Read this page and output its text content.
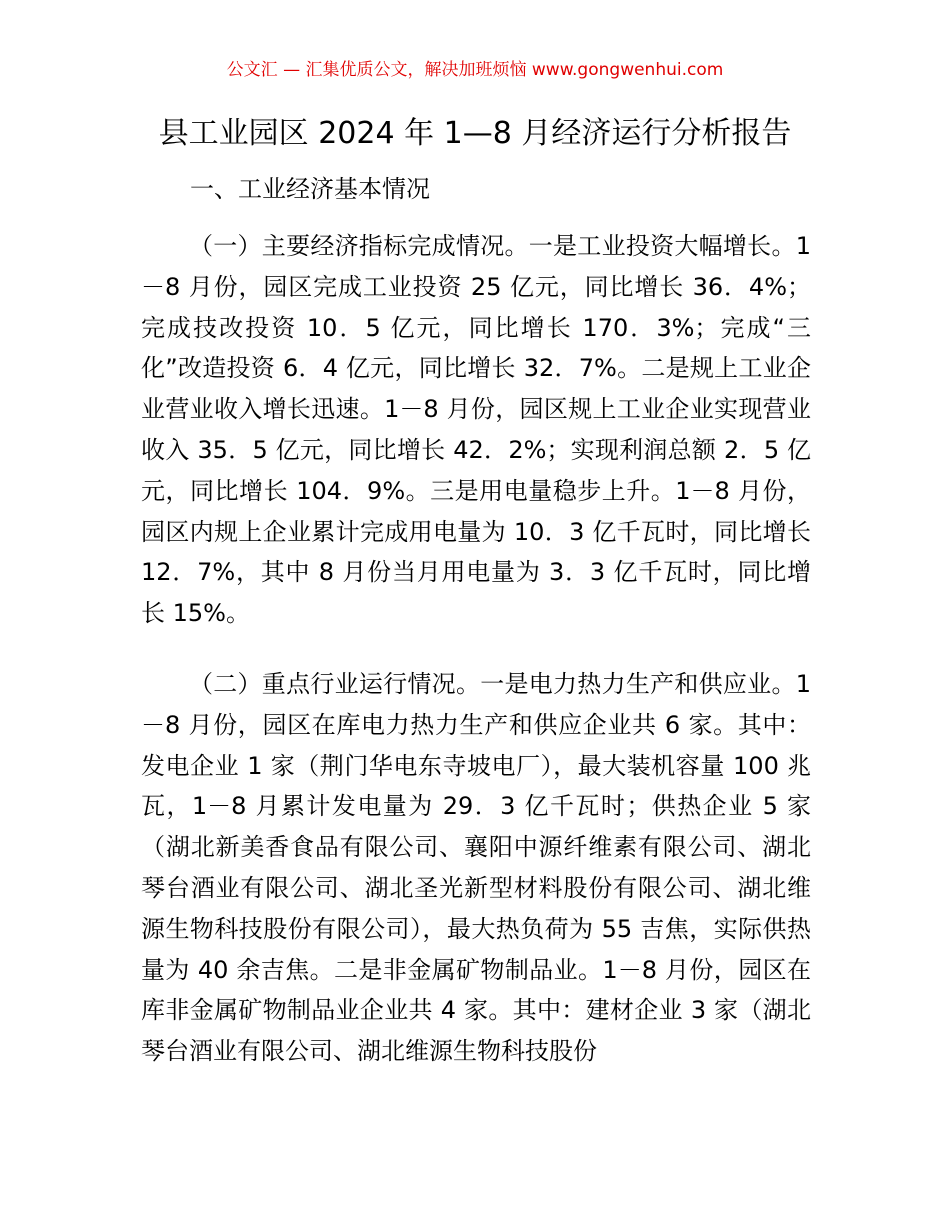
公文汇 — 汇集优质公文，解决加班烦恼 www.gongwenhui.com
县工业园区 2024 年 1—8 月经济运行分析报告
一、工业经济基本情况

（一）主要经济指标完成情况。一是工业投资大幅增长。1－8 月份，园区完成工业投资 25 亿元，同比增长 36．4%；完成技改投资 10．5 亿元，同比增长 170．3%；完成“三化”改造投资 6．4 亿元，同比增长 32．7%。二是规上工业企业营业收入增长迅速。1－8 月份，园区规上工业企业实现营业收入 35．5 亿元，同比增长 42．2%；实现利润总额 2．5 亿元，同比增长 104．9%。三是用电量稳步上升。1－8 月份，园区内规上企业累计完成用电量为 10．3 亿千瓦时，同比增长 12．7%，其中 8 月份当月用电量为 3．3 亿千瓦时，同比增长 15%。

（二）重点行业运行情况。一是电力热力生产和供应业。1－8 月份，园区在库电力热力生产和供应企业共 6 家。其中：发电企业 1 家（荆门华电东寺坡电厂），最大装机容量 100 兆瓦，1－8 月累计发电量为 29．3 亿千瓦时；供热企业 5 家（湖北新美香食品有限公司、襄阳中源纤维素有限公司、湖北琴台酒业有限公司、湖北圣光新型材料股份有限公司、湖北维源生物科技股份有限公司），最大热负荷为 55 吉焦，实际供热量为 40 余吉焦。二是非金属矿物制品业。1－8 月份，园区在库非金属矿物制品业企业共 4 家。其中：建材企业 3 家（湖北琴台酒业有限公司、湖北维源生物科技股份
